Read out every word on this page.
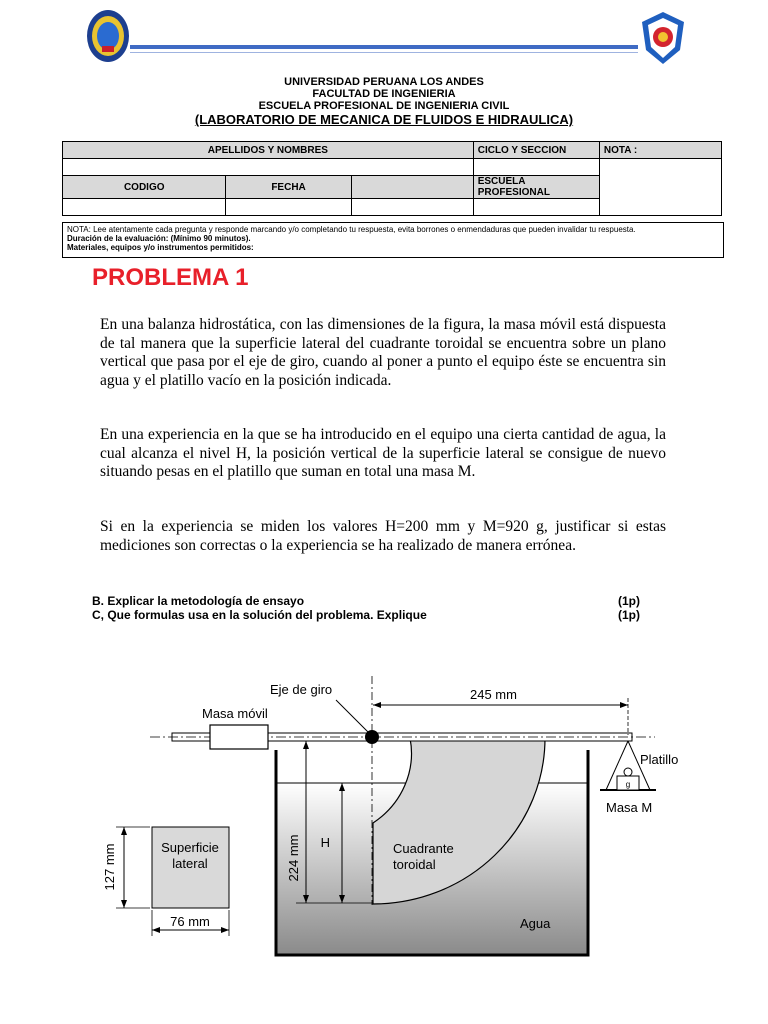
UNIVERSIDAD PERUANA LOS ANDES
FACULTAD DE INGENIERIA
ESCUELA PROFESIONAL DE INGENIERIA CIVIL
(LABORATORIO DE MECANICA DE FLUIDOS E HIDRAULICA)
APELLIDOS Y NOMBRES			CICLO Y SECCION	NOTA :

CODIGO	FECHA		ESCUELA PROFESIONAL	

NOTA: Lee atentamente cada pregunta y responde marcando y/o completando tu respuesta, evita borrones o enmendaduras que pueden invalidar tu respuesta.
Duración de la evaluación: (Mínimo 90 minutos).
Materiales, equipos y/o instrumentos permitidos:
PROBLEMA 1
En una balanza hidrostática, con las dimensiones de la figura, la masa móvil está dispuesta de tal manera que la superficie lateral del cuadrante toroidal se encuentra sobre un plano vertical que pasa por el eje de giro, cuando al poner a punto el equipo éste se encuentra sin agua y el platillo vacío en la posición indicada.
En una experiencia en la que se ha introducido en el equipo una cierta cantidad de agua, la cual alcanza el nivel H, la posición vertical de la superficie lateral se consigue de nuevo situando pesas en el platillo que suman en total una masa M.
Si en la experiencia se miden los valores H=200 mm y M=920 g, justificar si estas mediciones son correctas o la experiencia se ha realizado de manera errónea.
B. Explicar la metodología de ensayo	(1p)
C, Que formulas usa en la solución del problema. Explique	(1p)
g
Eje de giro	245 mm
Masa móvil
Platillo
Masa M
Superficie
lateral
127 mm
76 mm
224 mm H	Cuadrante
toroidal
Agua
